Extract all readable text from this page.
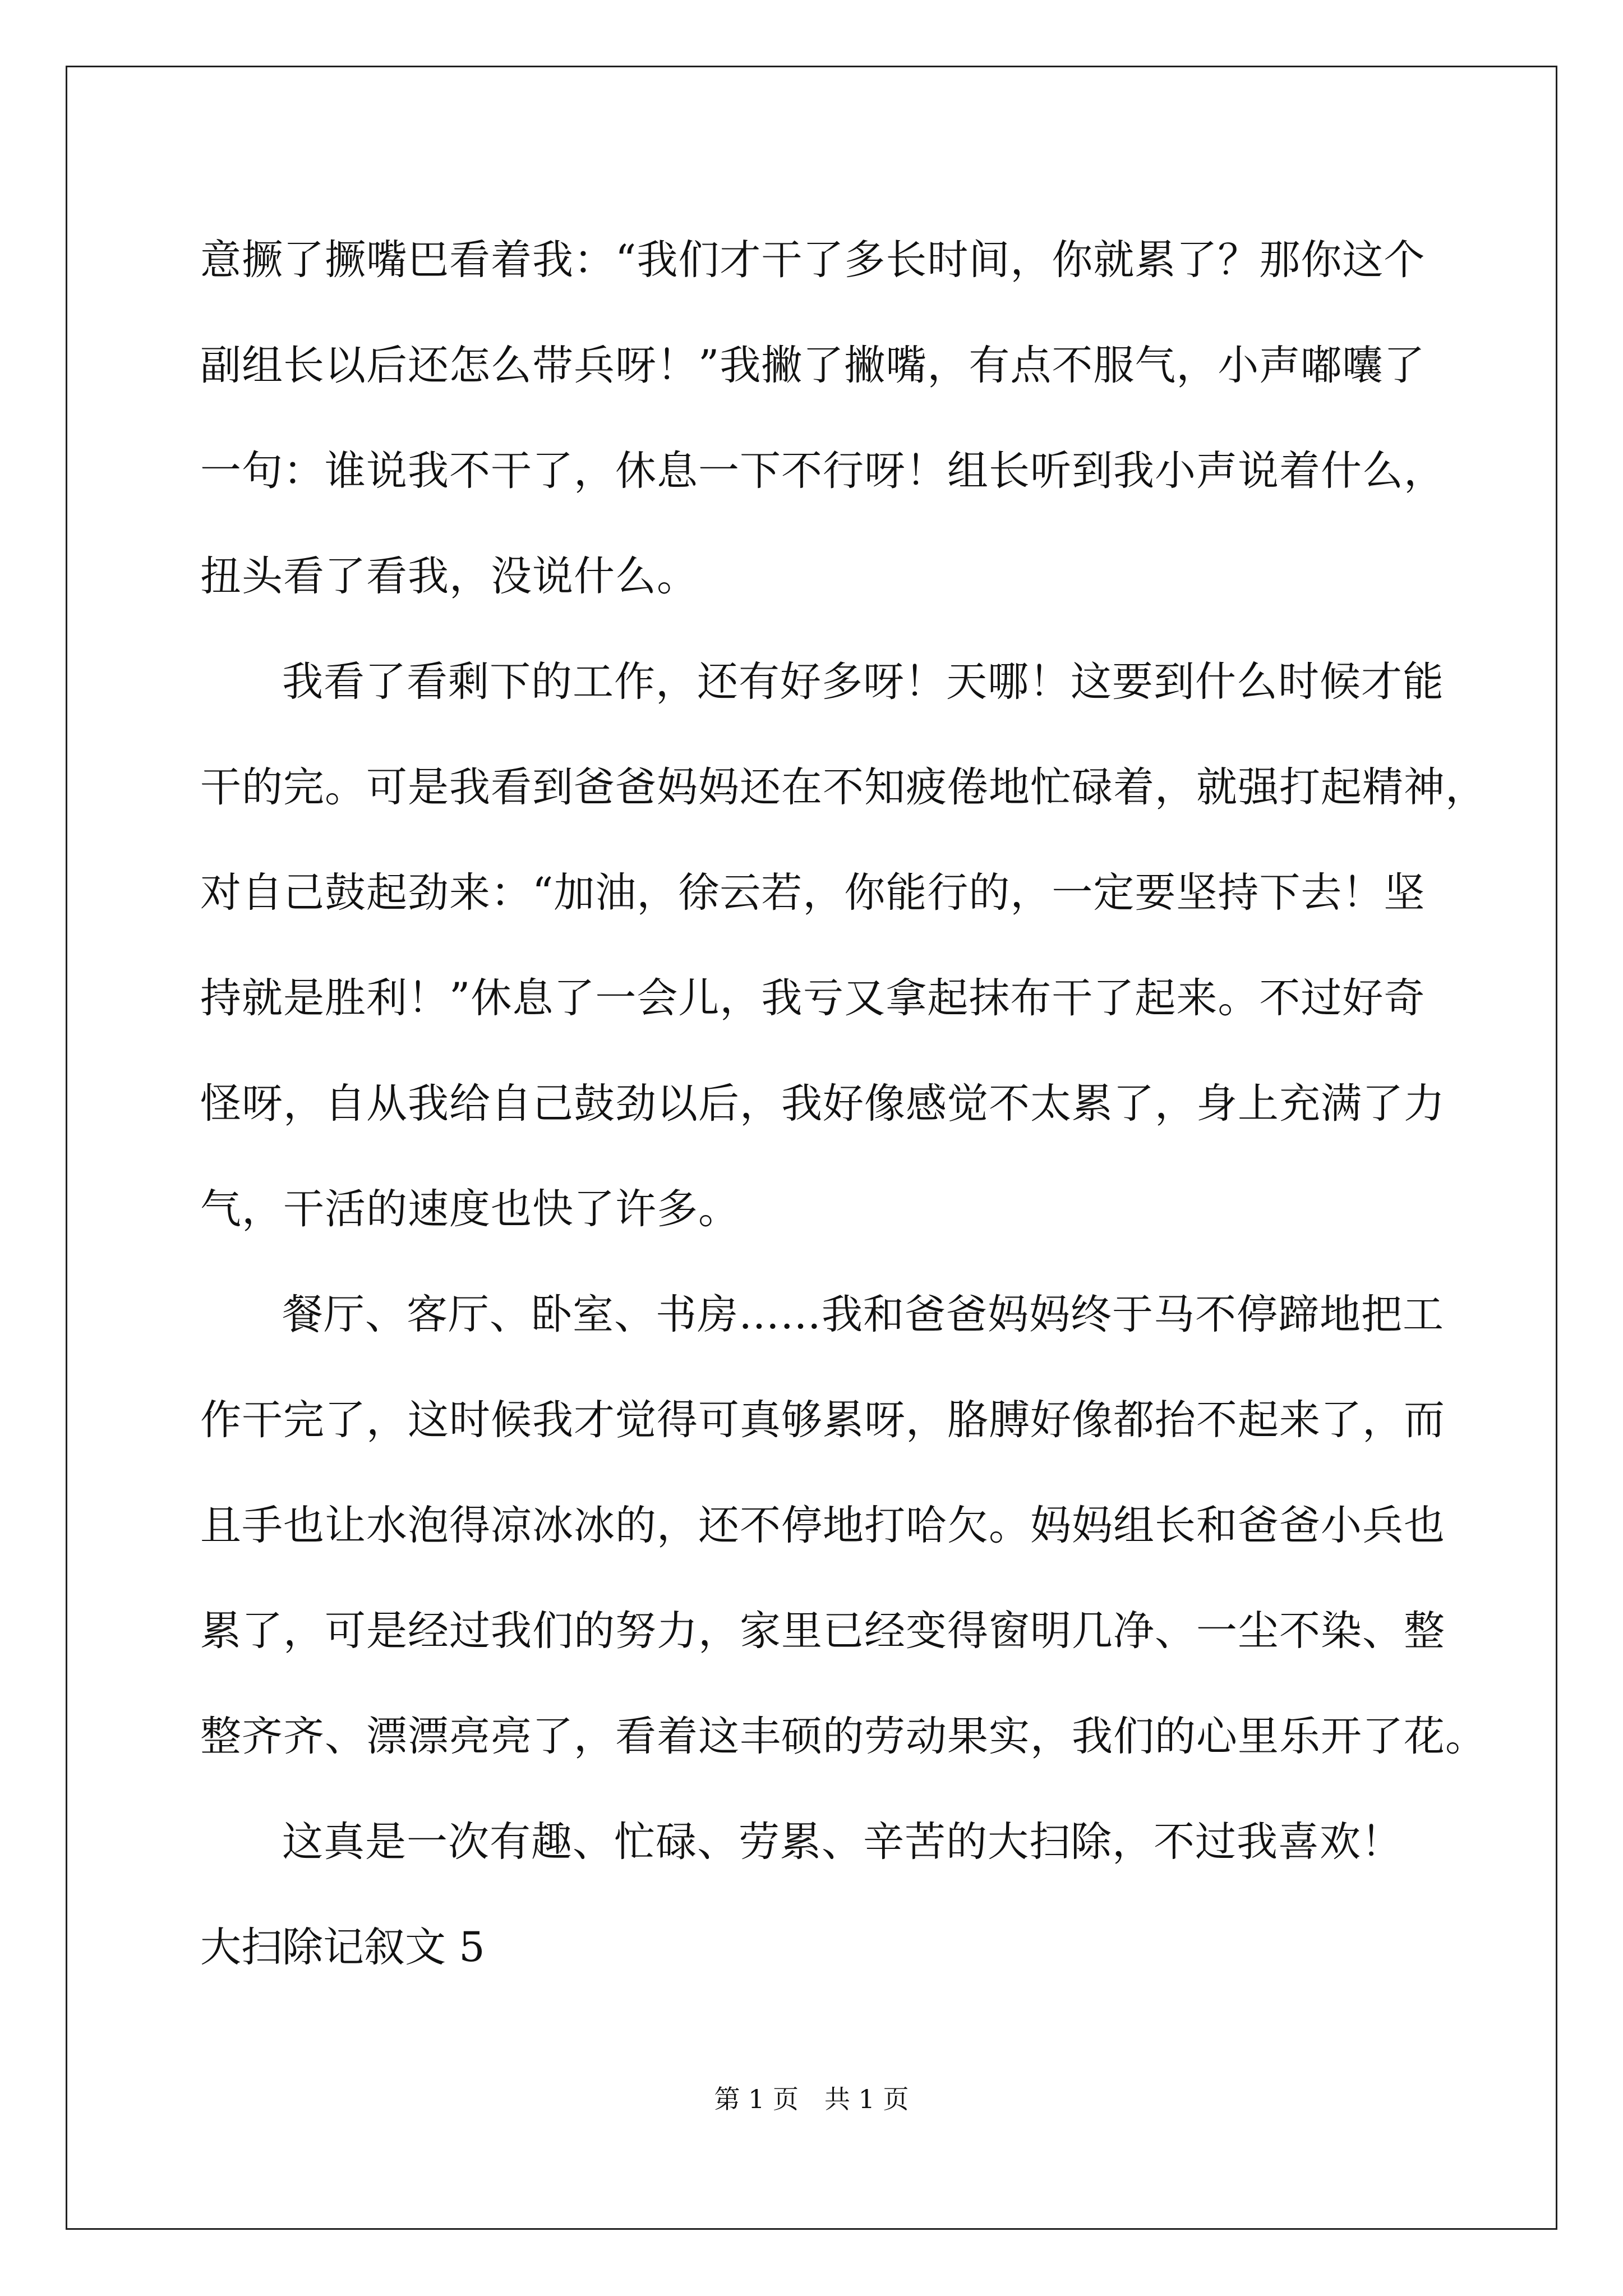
意撅了撅嘴巴看着我：“我们才干了多长时间，你就累了？那你这个
副组长以后还怎么带兵呀！”我撇了撇嘴，有点不服气，小声嘟囔了
一句：谁说我不干了，休息一下不行呀！组长听到我小声说着什么，
扭头看了看我，没说什么。
我看了看剩下的工作，还有好多呀！天哪！这要到什么时候才能
干的完。可是我看到爸爸妈妈还在不知疲倦地忙碌着，就强打起精神，
对自己鼓起劲来：“加油，徐云若，你能行的，一定要坚持下去！坚
持就是胜利！”休息了一会儿，我亏又拿起抹布干了起来。不过好奇
怪呀，自从我给自己鼓劲以后，我好像感觉不太累了，身上充满了力
气，干活的速度也快了许多。
餐厅、客厅、卧室、书房……我和爸爸妈妈终于马不停蹄地把工
作干完了，这时候我才觉得可真够累呀，胳膊好像都抬不起来了，而
且手也让水泡得凉冰冰的，还不停地打哈欠。妈妈组长和爸爸小兵也
累了，可是经过我们的努力，家里已经变得窗明几净、一尘不染、整
整齐齐、漂漂亮亮了，看着这丰硕的劳动果实，我们的心里乐开了花。
这真是一次有趣、忙碌、劳累、辛苦的大扫除，不过我喜欢！
大扫除记叙文 5
第 1 页　共 1 页
